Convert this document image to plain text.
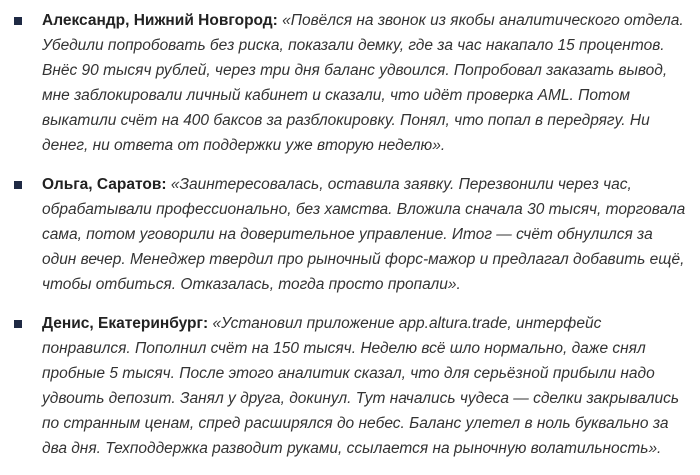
Александр, Нижний Новгород: «Повёлся на звонок из якобы аналитического отдела. Убедили попробовать без риска, показали демку, где за час накапало 15 процентов. Внёс 90 тысяч рублей, через три дня баланс удвоился. Попробовал заказать вывод, мне заблокировали личный кабинет и сказали, что идёт проверка AML. Потом выкатили счёт на 400 баксов за разблокировку. Понял, что попал в передрягу. Ни денег, ни ответа от поддержки уже вторую неделю».
Ольга, Саратов: «Заинтересовалась, оставила заявку. Перезвонили через час, обрабатывали профессионально, без хамства. Вложила сначала 30 тысяч, торговала сама, потом уговорили на доверительное управление. Итог — счёт обнулился за один вечер. Менеджер твердил про рыночный форс-мажор и предлагал добавить ещё, чтобы отбиться. Отказалась, тогда просто пропали».
Денис, Екатеринбург: «Установил приложение app.altura.trade, интерфейс понравился. Пополнил счёт на 150 тысяч. Неделю всё шло нормально, даже снял пробные 5 тысяч. После этого аналитик сказал, что для серьёзной прибыли надо удвоить депозит. Занял у друга, докинул. Тут начались чудеса — сделки закрывались по странным ценам, спред расширялся до небес. Баланс улетел в ноль буквально за два дня. Техподдержка разводит руками, ссылается на рыночную волатильность».
